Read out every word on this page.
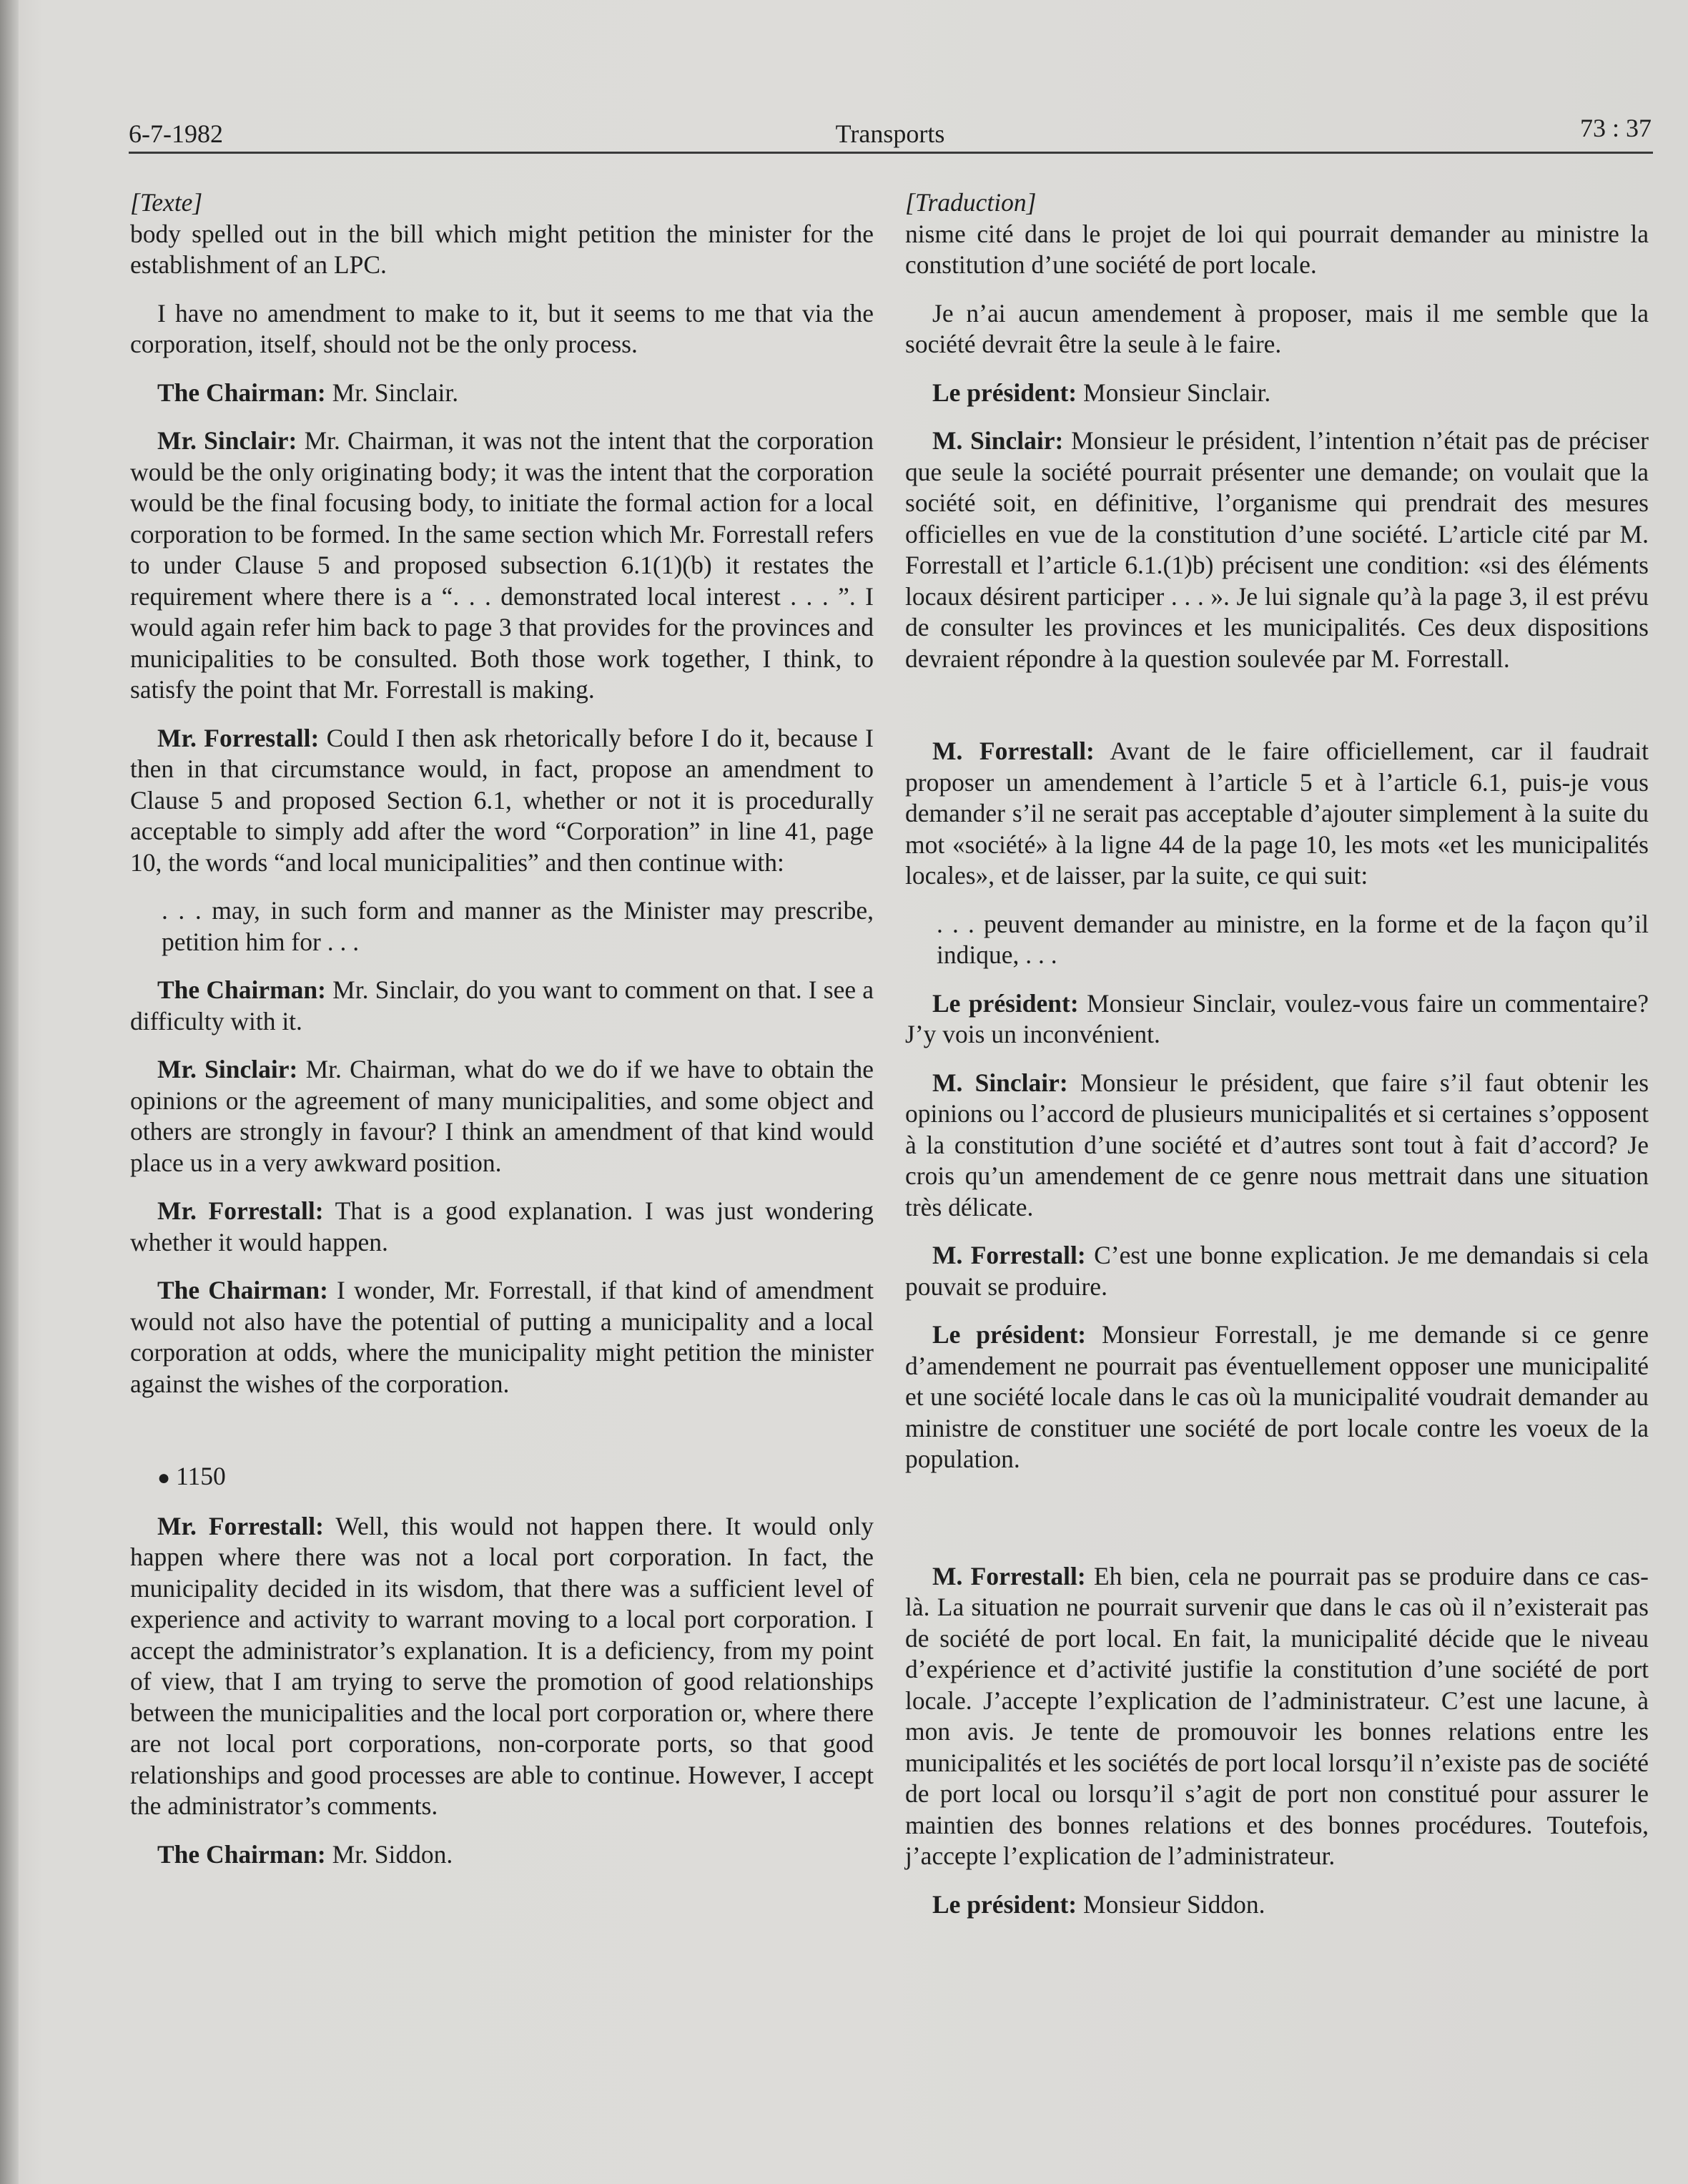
6-7-1982	Transports	73 : 37

[Texte]

body spelled out in the bill which might petition the minister for the establishment of an LPC.

I have no amendment to make to it, but it seems to me that via the corporation, itself, should not be the only process.

The Chairman: Mr. Sinclair.

Mr. Sinclair: Mr. Chairman, it was not the intent that the corporation would be the only originating body; it was the intent that the corporation would be the final focusing body, to initiate the formal action for a local corporation to be formed. In the same section which Mr. Forrestall refers to under Clause 5 and proposed subsection 6.1(1)(b) it restates the requirement where there is a “. . . demonstrated local interest . . . ”. I would again refer him back to page 3 that provides for the provinces and municipalities to be consulted. Both those work together, I think, to satisfy the point that Mr. Forrestall is making.

Mr. Forrestall: Could I then ask rhetorically before I do it, because I then in that circumstance would, in fact, propose an amendment to Clause 5 and proposed Section 6.1, whether or not it is procedurally acceptable to simply add after the word “Corporation” in line 41, page 10, the words “and local municipalities” and then continue with:

. . . may, in such form and manner as the Minister may prescribe, petition him for . . .

The Chairman: Mr. Sinclair, do you want to comment on that. I see a difficulty with it.

Mr. Sinclair: Mr. Chairman, what do we do if we have to obtain the opinions or the agreement of many municipalities, and some object and others are strongly in favour? I think an amendment of that kind would place us in a very awkward position.

Mr. Forrestall: That is a good explanation. I was just wondering whether it would happen.

The Chairman: I wonder, Mr. Forrestall, if that kind of amendment would not also have the potential of putting a municipality and a local corporation at odds, where the municipality might petition the minister against the wishes of the corporation.

● 1150

Mr. Forrestall: Well, this would not happen there. It would only happen where there was not a local port corporation. In fact, the municipality decided in its wisdom, that there was a sufficient level of experience and activity to warrant moving to a local port corporation. I accept the administrator’s explanation. It is a deficiency, from my point of view, that I am trying to serve the promotion of good relationships between the municipalities and the local port corporation or, where there are not local port corporations, non-corporate ports, so that good relationships and good processes are able to continue. However, I accept the administrator’s comments.

The Chairman: Mr. Siddon.

[Traduction]

nisme cité dans le projet de loi qui pourrait demander au ministre la constitution d’une société de port locale.

Je n’ai aucun amendement à proposer, mais il me semble que la société devrait être la seule à le faire.

Le président: Monsieur Sinclair.

M. Sinclair: Monsieur le président, l’intention n’était pas de préciser que seule la société pourrait présenter une demande; on voulait que la société soit, en définitive, l’organisme qui prendrait des mesures officielles en vue de la constitution d’une société. L’article cité par M. Forrestall et l’article 6.1.(1)b) précisent une condition: «si des éléments locaux désirent participer . . . ». Je lui signale qu’à la page 3, il est prévu de consulter les provinces et les municipalités. Ces deux dispositions devraient répondre à la question soulevée par M. Forrestall.

M. Forrestall: Avant de le faire officiellement, car il faudrait proposer un amendement à l’article 5 et à l’article 6.1, puis-je vous demander s’il ne serait pas acceptable d’ajouter simplement à la suite du mot «société» à la ligne 44 de la page 10, les mots «et les municipalités locales», et de laisser, par la suite, ce qui suit:

. . . peuvent demander au ministre, en la forme et de la façon qu’il indique, . . .

Le président: Monsieur Sinclair, voulez-vous faire un commentaire? J’y vois un inconvénient.

M. Sinclair: Monsieur le président, que faire s’il faut obtenir les opinions ou l’accord de plusieurs municipalités et si certaines s’opposent à la constitution d’une société et d’autres sont tout à fait d’accord? Je crois qu’un amendement de ce genre nous mettrait dans une situation très délicate.

M. Forrestall: C’est une bonne explication. Je me demandais si cela pouvait se produire.

Le président: Monsieur Forrestall, je me demande si ce genre d’amendement ne pourrait pas éventuellement opposer une municipalité et une société locale dans le cas où la municipalité voudrait demander au ministre de constituer une société de port locale contre les voeux de la population.

M. Forrestall: Eh bien, cela ne pourrait pas se produire dans ce cas-là. La situation ne pourrait survenir que dans le cas où il n’existerait pas de société de port local. En fait, la municipalité décide que le niveau d’expérience et d’activité justifie la constitution d’une société de port locale. J’accepte l’explication de l’administrateur. C’est une lacune, à mon avis. Je tente de promouvoir les bonnes relations entre les municipalités et les sociétés de port local lorsqu’il n’existe pas de société de port local ou lorsqu’il s’agit de port non constitué pour assurer le maintien des bonnes relations et des bonnes procédures. Toutefois, j’accepte l’explication de l’administrateur.

Le président: Monsieur Siddon.
